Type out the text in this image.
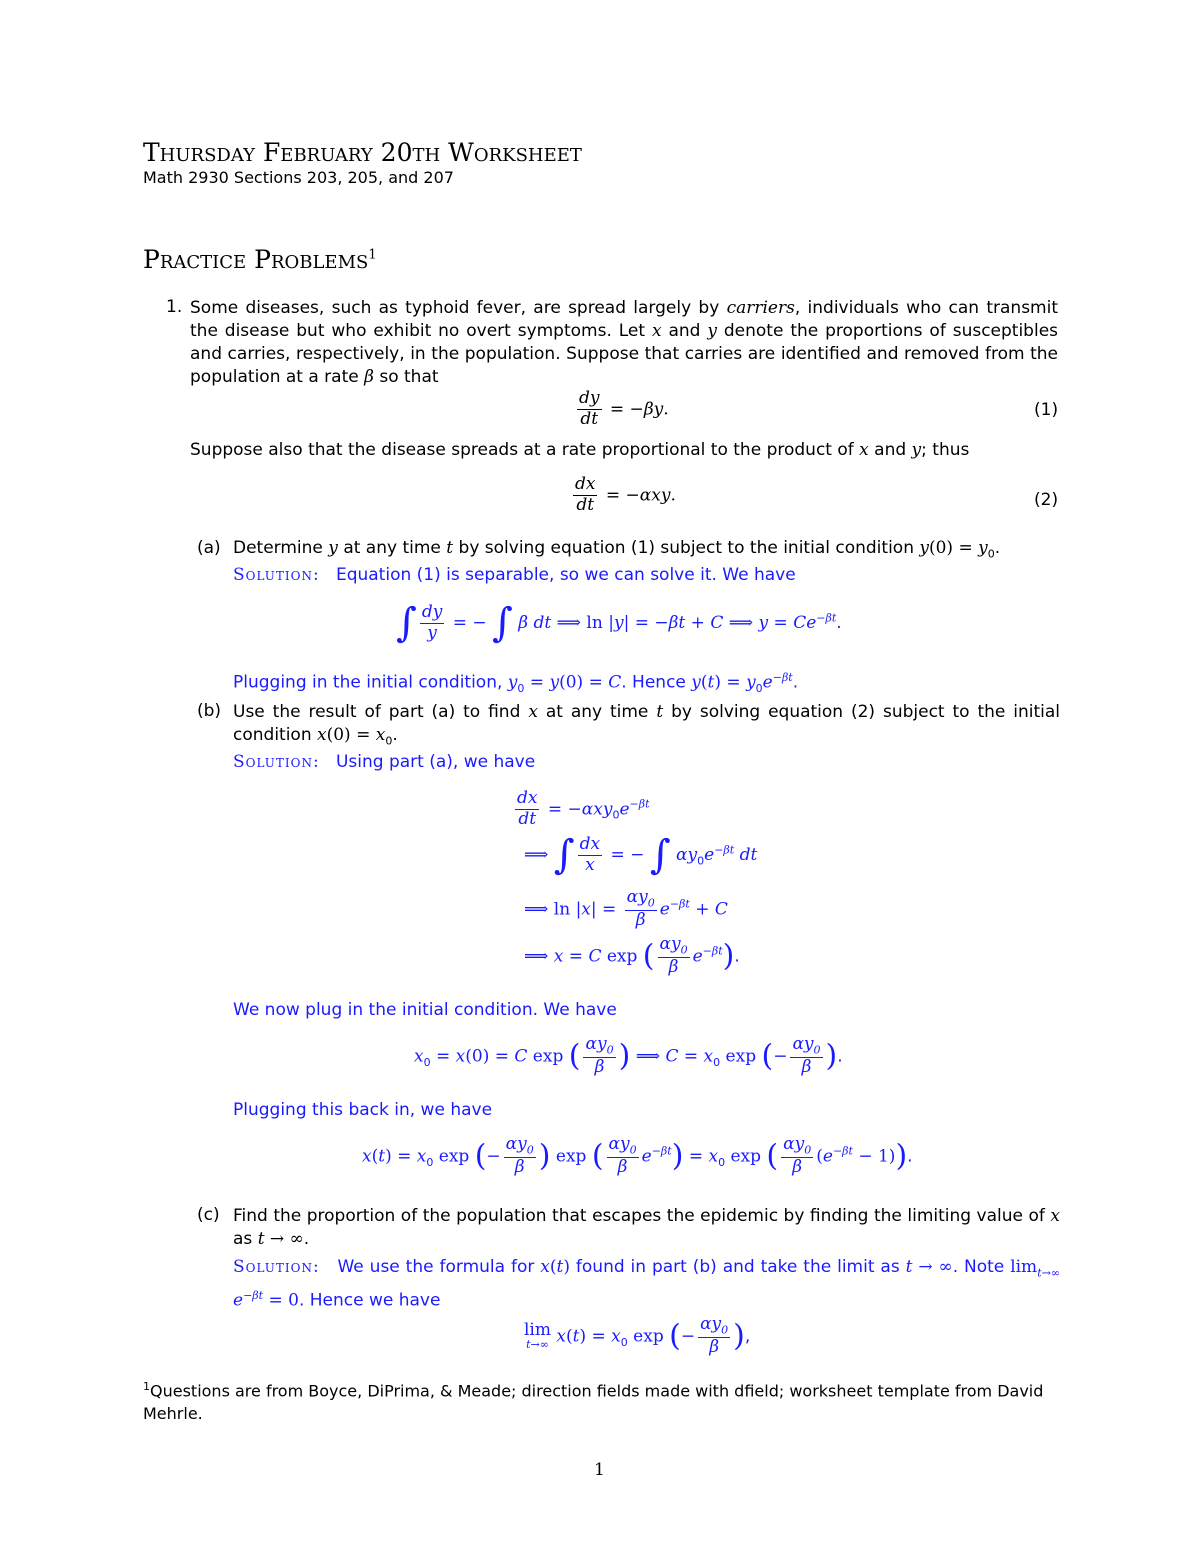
Thursday February 20th Worksheet
Math 2930 Sections 203, 205, and 207
Practice Problems$^1$
1. Some diseases, such as typhoid fever, are spread largely by carriers, individuals who can transmit the disease but who exhibit no overt symptoms. Let x and y denote the proportions of susceptibles and carries, respectively, in the population. Suppose that carries are identified and removed from the population at a rate β so that
$\frac{dy}{dt} = -\beta y$.	(1)
Suppose also that the disease spreads at a rate proportional to the product of x and y; thus
$\frac{dx}{dt} = -\alpha xy$.	(2)
(a) Determine y at any time t by solving equation (1) subject to the initial condition $y(0) = y_0$.
Solution: Equation (1) is separable, so we can solve it. We have
∫ $\frac{dy}{y}$ = − ∫ β dt ⟹ ln |y| = −βt + C ⟹ $y = Ce^{-\beta t}$.
Plugging in the initial condition, $y_0 = y(0) = C$. Hence $y(t) = y_0e^{-\beta t}$.
(b) Use the result of part (a) to find x at any time t by solving equation (2) subject to the initial condition $x(0) = x_0$.
Solution: Using part (a), we have
$\frac{dx}{dt} = -\alpha xy_0e^{-\beta t}$
⟹ ∫ $\frac{dx}{x}$ = − ∫ $\alpha y_0e^{-\beta t}$ dt
⟹ $\ln |x| = \frac{\alpha y_0}{\beta} e^{-\beta t} + C$
⟹ x = C exp ( $\frac{\alpha y_0}{\beta} e^{-\beta t}$).
We now plug in the initial condition. We have
$x_0 = x(0) = C$ exp ( $\frac{\alpha y_0}{\beta}$ ) ⟹ $C = x_0$ exp (− $\frac{\alpha y_0}{\beta}$ ).
Plugging this back in, we have
$x(t) = x_0$ exp (− $\frac{\alpha y_0}{\beta}$ ) exp ( $\frac{\alpha y_0}{\beta} e^{-\beta t}) = x_0$ exp ( $\frac{\alpha y_0}{\beta} (e^{-\beta t} - 1)$).
(c) Find the proportion of the population that escapes the epidemic by finding the limiting value of x as t → ∞.
Solution: We use the formula for x(t) found in part (b) and take the limit as t → ∞. Note $\lim_{t\to\infty} e^{-\beta t} = 0$. Hence we have
lim
t→∞ $x(t) = x_0$ exp (− $\frac{\alpha y_0}{\beta}$ ),
$^1$Questions are from Boyce, DiPrima, & Meade; direction fields made with dfield; worksheet template from David Mehrle.
1
